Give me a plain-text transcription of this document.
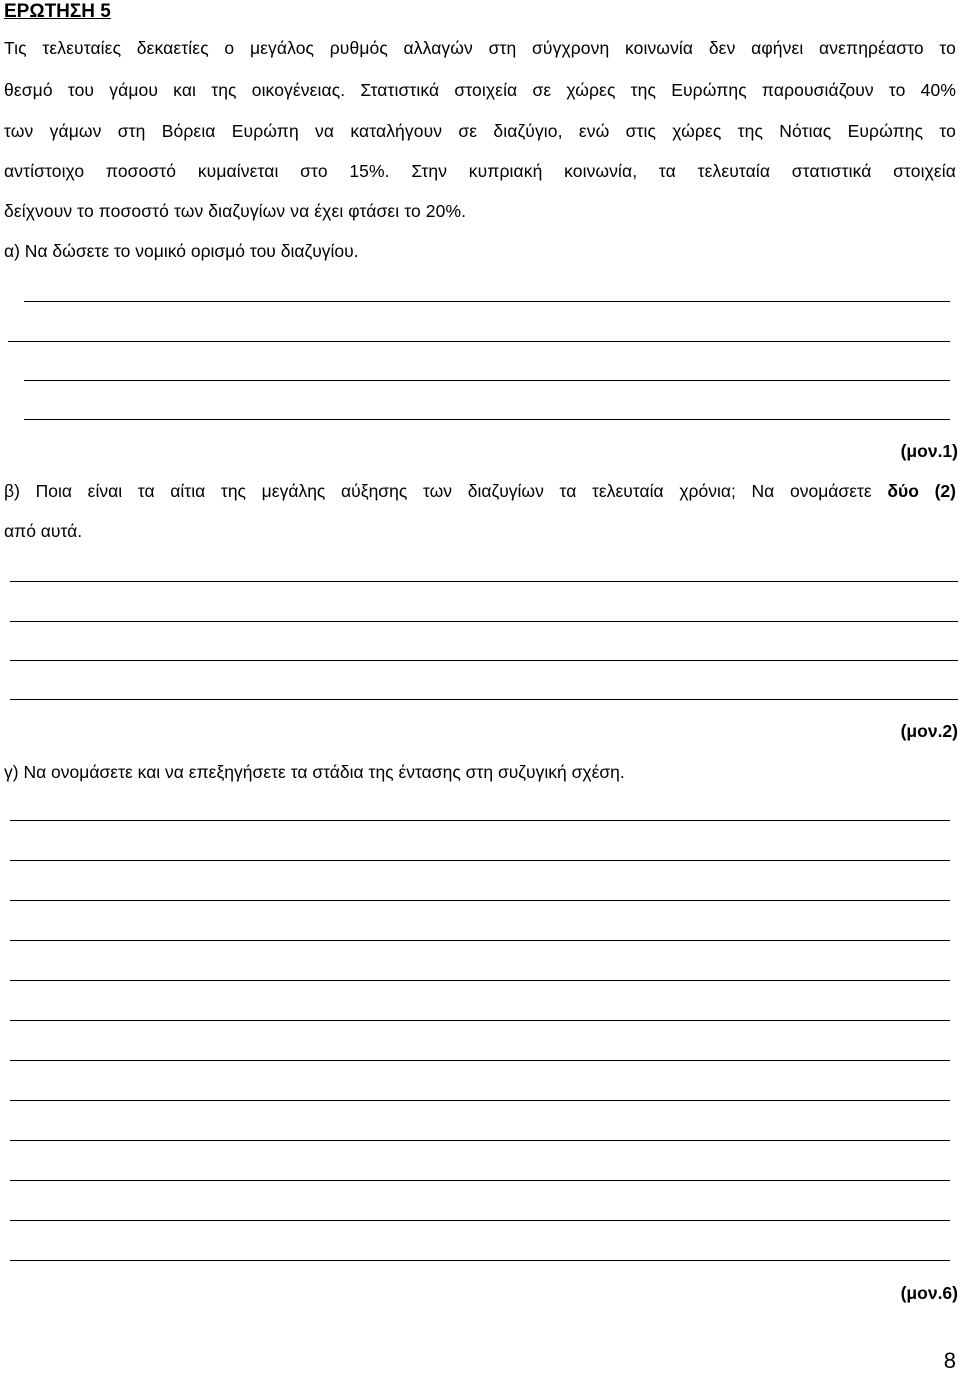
ΕΡΩΤΗΣΗ 5
Τις τελευταίες δεκαετίες ο μεγάλος ρυθμός αλλαγών στη σύγχρονη κοινωνία δεν αφήνει ανεπηρέαστο το
θεσμό του γάμου και της οικογένειας. Στατιστικά στοιχεία σε χώρες της Ευρώπης παρουσιάζουν το 40%
των γάμων στη Βόρεια Ευρώπη να καταλήγουν σε διαζύγιο, ενώ στις χώρες της Νότιας Ευρώπης το
αντίστοιχο ποσοστό κυμαίνεται στο 15%. Στην κυπριακή κοινωνία, τα τελευταία στατιστικά στοιχεία
δείχνουν το ποσοστό των διαζυγίων να έχει φτάσει το 20%.
α) Να δώσετε το νομικό ορισμό του διαζυγίου.
(μον.1)
β) Ποια είναι τα αίτια της μεγάλης αύξησης των διαζυγίων τα τελευταία χρόνια; Να ονομάσετε δύο (2)
από αυτά.
(μον.2)
γ) Να ονομάσετε και να επεξηγήσετε τα στάδια της έντασης στη συζυγική σχέση.
(μον.6)
8
